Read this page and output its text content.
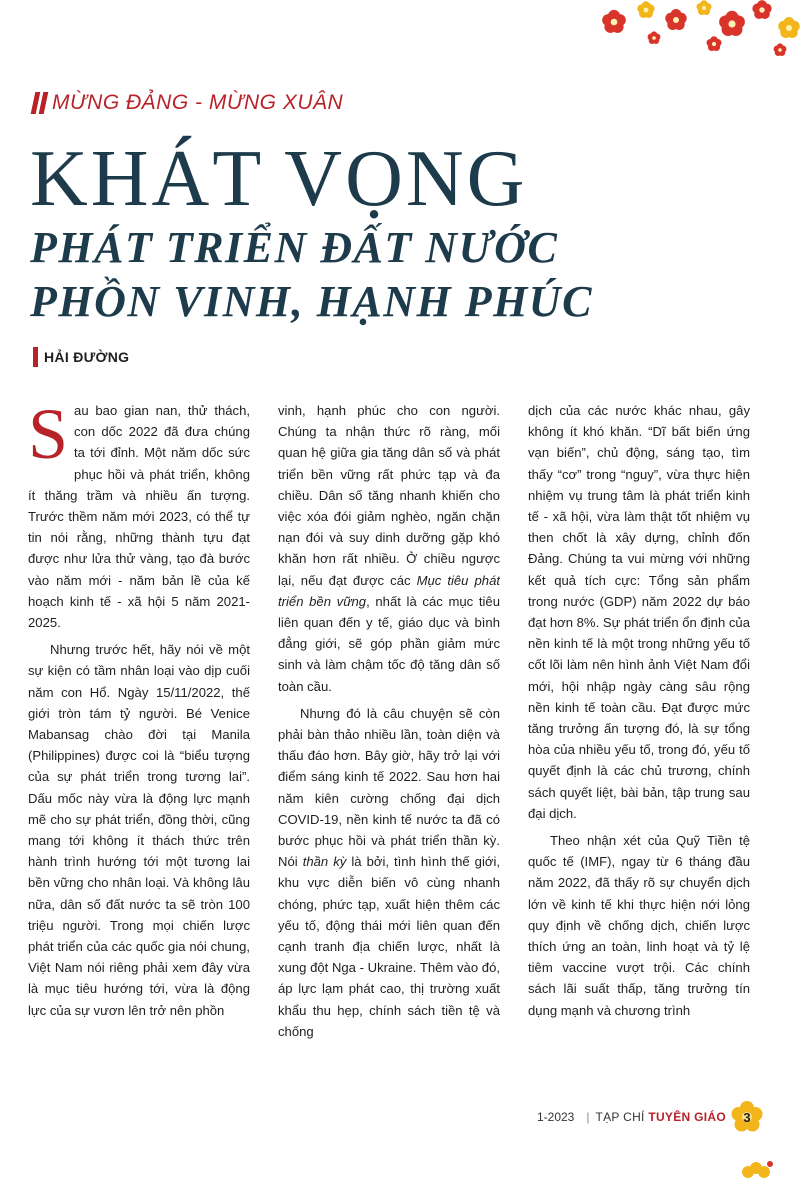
MỪNG ĐẢNG - MỪNG XUÂN
KHÁT VỌNG
PHÁT TRIỂN ĐẤT NƯỚC
PHỒN VINH, HẠNH PHÚC
HẢI ĐƯỜNG

Sau bao gian nan, thử thách, con dốc 2022 đã đưa chúng ta tới đỉnh. Một năm dốc sức phục hồi và phát triển, không ít thăng trầm và nhiều ấn tượng. Trước thềm năm mới 2023, có thể tự tin nói rằng, những thành tựu đạt được như lửa thử vàng, tạo đà bước vào năm mới - năm bản lề của kế hoạch kinh tế - xã hội 5 năm 2021-2025.

Nhưng trước hết, hãy nói về một sự kiện có tầm nhân loại vào dịp cuối năm con Hổ. Ngày 15/11/2022, thế giới tròn tám tỷ người. Bé Venice Mabansag chào đời tại Manila (Philippines) được coi là “biểu tượng của sự phát triển trong tương lai”. Dấu mốc này vừa là động lực mạnh mẽ cho sự phát triển, đồng thời, cũng mang tới không ít thách thức trên hành trình hướng tới một tương lai bền vững cho nhân loại. Và không lâu nữa, dân số đất nước ta sẽ tròn 100 triệu người. Trong mọi chiến lược phát triển của các quốc gia nói chung, Việt Nam nói riêng phải xem đây vừa là mục tiêu hướng tới, vừa là động lực của sự vươn lên trở nên phồn

vinh, hạnh phúc cho con người. Chúng ta nhận thức rõ ràng, mối quan hệ giữa gia tăng dân số và phát triển bền vững rất phức tạp và đa chiều. Dân số tăng nhanh khiến cho việc xóa đói giảm nghèo, ngăn chặn nạn đói và suy dinh dưỡng gặp khó khăn hơn rất nhiều. Ở chiều ngược lại, nếu đạt được các Mục tiêu phát triển bền vững, nhất là các mục tiêu liên quan đến y tế, giáo dục và bình đẳng giới, sẽ góp phần giảm mức sinh và làm chậm tốc độ tăng dân số toàn cầu.

Nhưng đó là câu chuyện sẽ còn phải bàn thảo nhiều lần, toàn diện và thấu đáo hơn. Bây giờ, hãy trở lại với điểm sáng kinh tế 2022. Sau hơn hai năm kiên cường chống đại dịch COVID-19, nền kinh tế nước ta đã có bước phục hồi và phát triển thần kỳ. Nói thần kỳ là bởi, tình hình thế giới, khu vực diễn biến vô cùng nhanh chóng, phức tạp, xuất hiện thêm các yếu tố, động thái mới liên quan đến cạnh tranh địa chiến lược, nhất là xung đột Nga - Ukraine. Thêm vào đó, áp lực lạm phát cao, thị trường xuất khẩu thu hẹp, chính sách tiền tệ và chống

dịch của các nước khác nhau, gây không ít khó khăn. “Dĩ bất biến ứng vạn biến”, chủ động, sáng tạo, tìm thấy “cơ” trong “nguy”, vừa thực hiện nhiệm vụ trung tâm là phát triển kinh tế - xã hội, vừa làm thật tốt nhiệm vụ then chốt là xây dựng, chỉnh đốn Đảng. Chúng ta vui mừng với những kết quả tích cực: Tổng sản phẩm trong nước (GDP) năm 2022 dự báo đạt hơn 8%. Sự phát triển ổn định của nền kinh tế là một trong những yếu tố cốt lõi làm nên hình ảnh Việt Nam đổi mới, hội nhập ngày càng sâu rộng nền kinh tế toàn cầu. Đạt được mức tăng trưởng ấn tượng đó, là sự tổng hòa của nhiều yếu tố, trong đó, yếu tố quyết định là các chủ trương, chính sách quyết liệt, bài bản, tập trung sau đại dịch.

Theo nhận xét của Quỹ Tiền tệ quốc tế (IMF), ngay từ 6 tháng đầu năm 2022, đã thấy rõ sự chuyển dịch lớn về kinh tế khi thực hiện nới lỏng quy định về chống dịch, chiến lược thích ứng an toàn, linh hoạt và tỷ lệ tiêm vaccine vượt trội. Các chính sách lãi suất thấp, tăng trưởng tín dụng mạnh và chương trình

1-2023 | TẠP CHÍ TUYÊN GIÁO 3
